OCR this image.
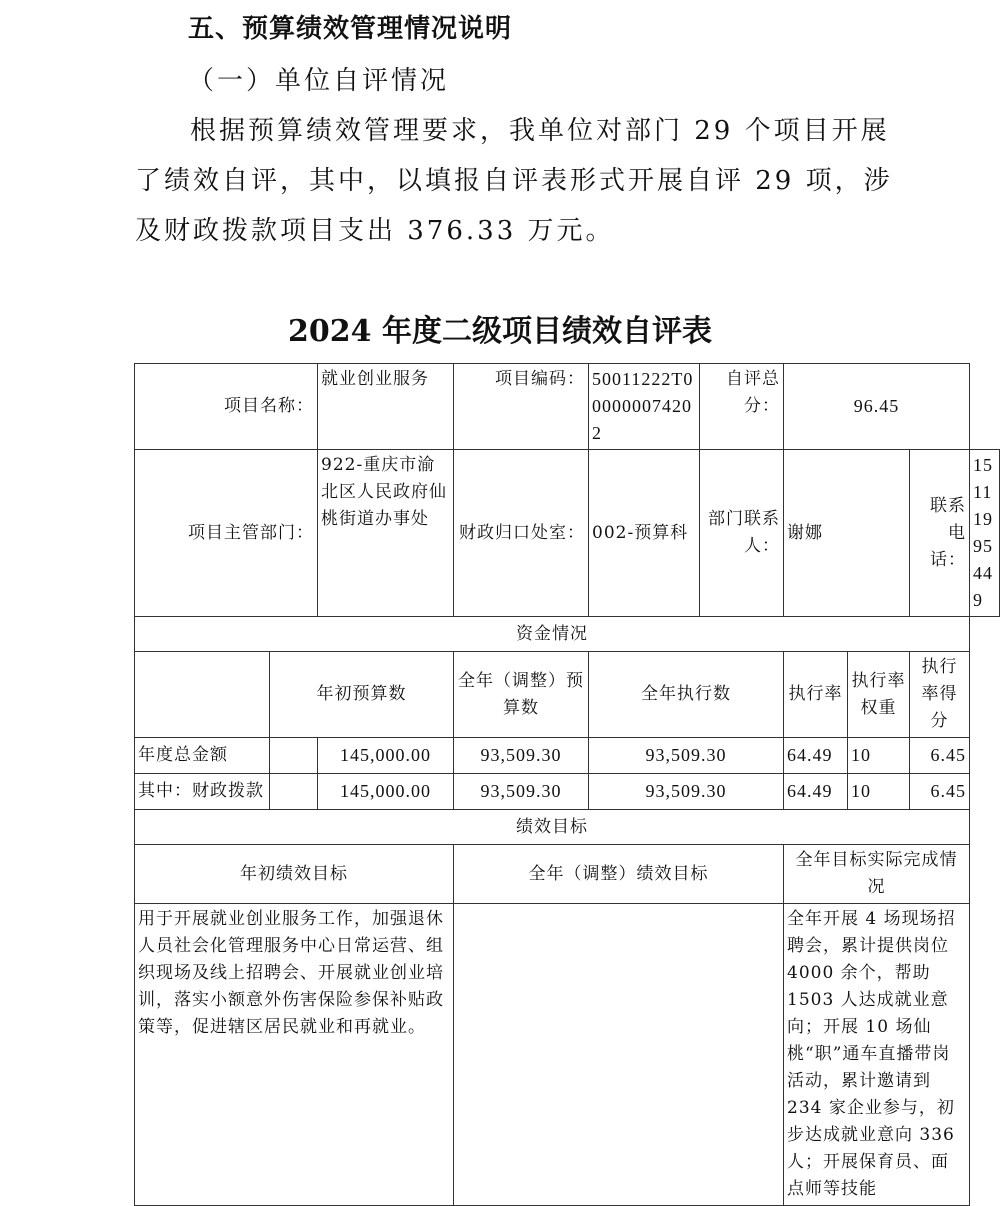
五、预算绩效管理情况说明
（一）单位自评情况
根据预算绩效管理要求，我单位对部门 29 个项目开展了绩效自评，其中，以填报自评表形式开展自评 29 项，涉及财政拨款项目支出 376.33 万元。
2024 年度二级项目绩效自评表
项目名称：		就业创业服务	项目编码：	50011222T000000074202	自评总分：	96.45			
项目主管部门：		922-重庆市渝北区人民政府仙桃街道办事处	财政归口处室：	002-预算科	部门联系人：	谢娜		联系电话：	15111995449
资金情况									
	年初预算数		全年（调整）预算数	全年执行数		执行率	执行率权重	执行率得分	
年度总金额		145,000.00	93,509.30	93,509.30		64.49	10	6.45	
其中：财政拨款		145,000.00	93,509.30	93,509.30		64.49	10	6.45	
绩效目标									
年初绩效目标			全年（调整）绩效目标			全年目标实际完成情况			
用于开展就业创业服务工作，加强退休人员社会化管理服务中心日常运营、组织现场及线上招聘会、开展就业创业培训，落实小额意外伤害保险参保补贴政策等，促进辖区居民就业和再就业。						全年开展 4 场现场招聘会，累计提供岗位 4000 余个，帮助 1503 人达成就业意向；开展 10 场仙桃“职”通车直播带岗活动，累计邀请到 234 家企业参与，初步达成就业意向 336 人；开展保育员、面点师等技能			
